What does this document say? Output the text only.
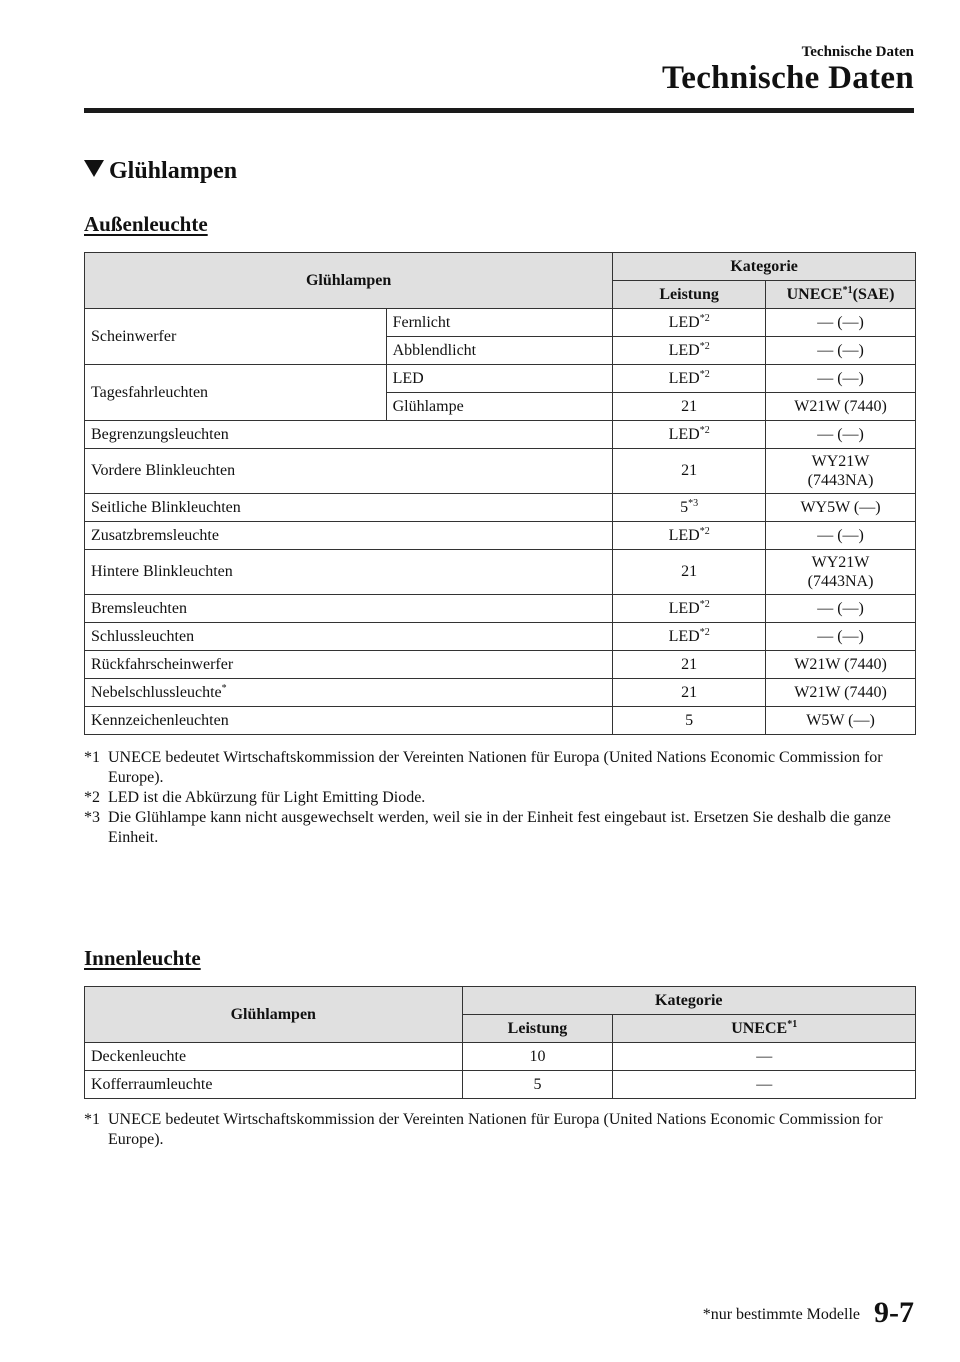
Technische Daten
Technische Daten
Glühlampen
Außenleuchte
Glühlampen		Kategorie	
		Leistung	UNECE$^{*1}$(SAE)
Scheinwerfer	Fernlicht	LED$^{*2}$	— (—)
	Abblendlicht	LED$^{*2}$	— (—)
Tagesfahrleuchten	LED	LED$^{*2}$	— (—)
	Glühlampe	21	W21W (7440)
Begrenzungsleuchten		LED$^{*2}$	— (—)
Vordere Blinkleuchten		21	WY21W
(7443NA)
Seitliche Blinkleuchten		5$^{*3}$	WY5W (—)
Zusatzbremsleuchte		LED$^{*2}$	— (—)
Hintere Blinkleuchten		21	WY21W
(7443NA)
Bremsleuchten		LED$^{*2}$	— (—)
Schlussleuchten		LED$^{*2}$	— (—)
Rückfahrscheinwerfer		21	W21W (7440)
Nebelschlussleuchte*		21	W21W (7440)
Kennzeichenleuchten		5	W5W (—)
*1 UNECE bedeutet Wirtschaftskommission der Vereinten Nationen für Europa (United Nations Economic Commission for Europe).
*2 LED ist die Abkürzung für Light Emitting Diode.
*3 Die Glühlampe kann nicht ausgewechselt werden, weil sie in der Einheit fest eingebaut ist. Ersetzen Sie deshalb die ganze Einheit.
Innenleuchte
Glühlampen	Kategorie	
	Leistung	UNECE$^{*1}$
Deckenleuchte	10	—
Kofferraumleuchte	5	—
*1 UNECE bedeutet Wirtschaftskommission der Vereinten Nationen für Europa (United Nations Economic Commission for Europe).
*nur bestimmte Modelle 9-7
